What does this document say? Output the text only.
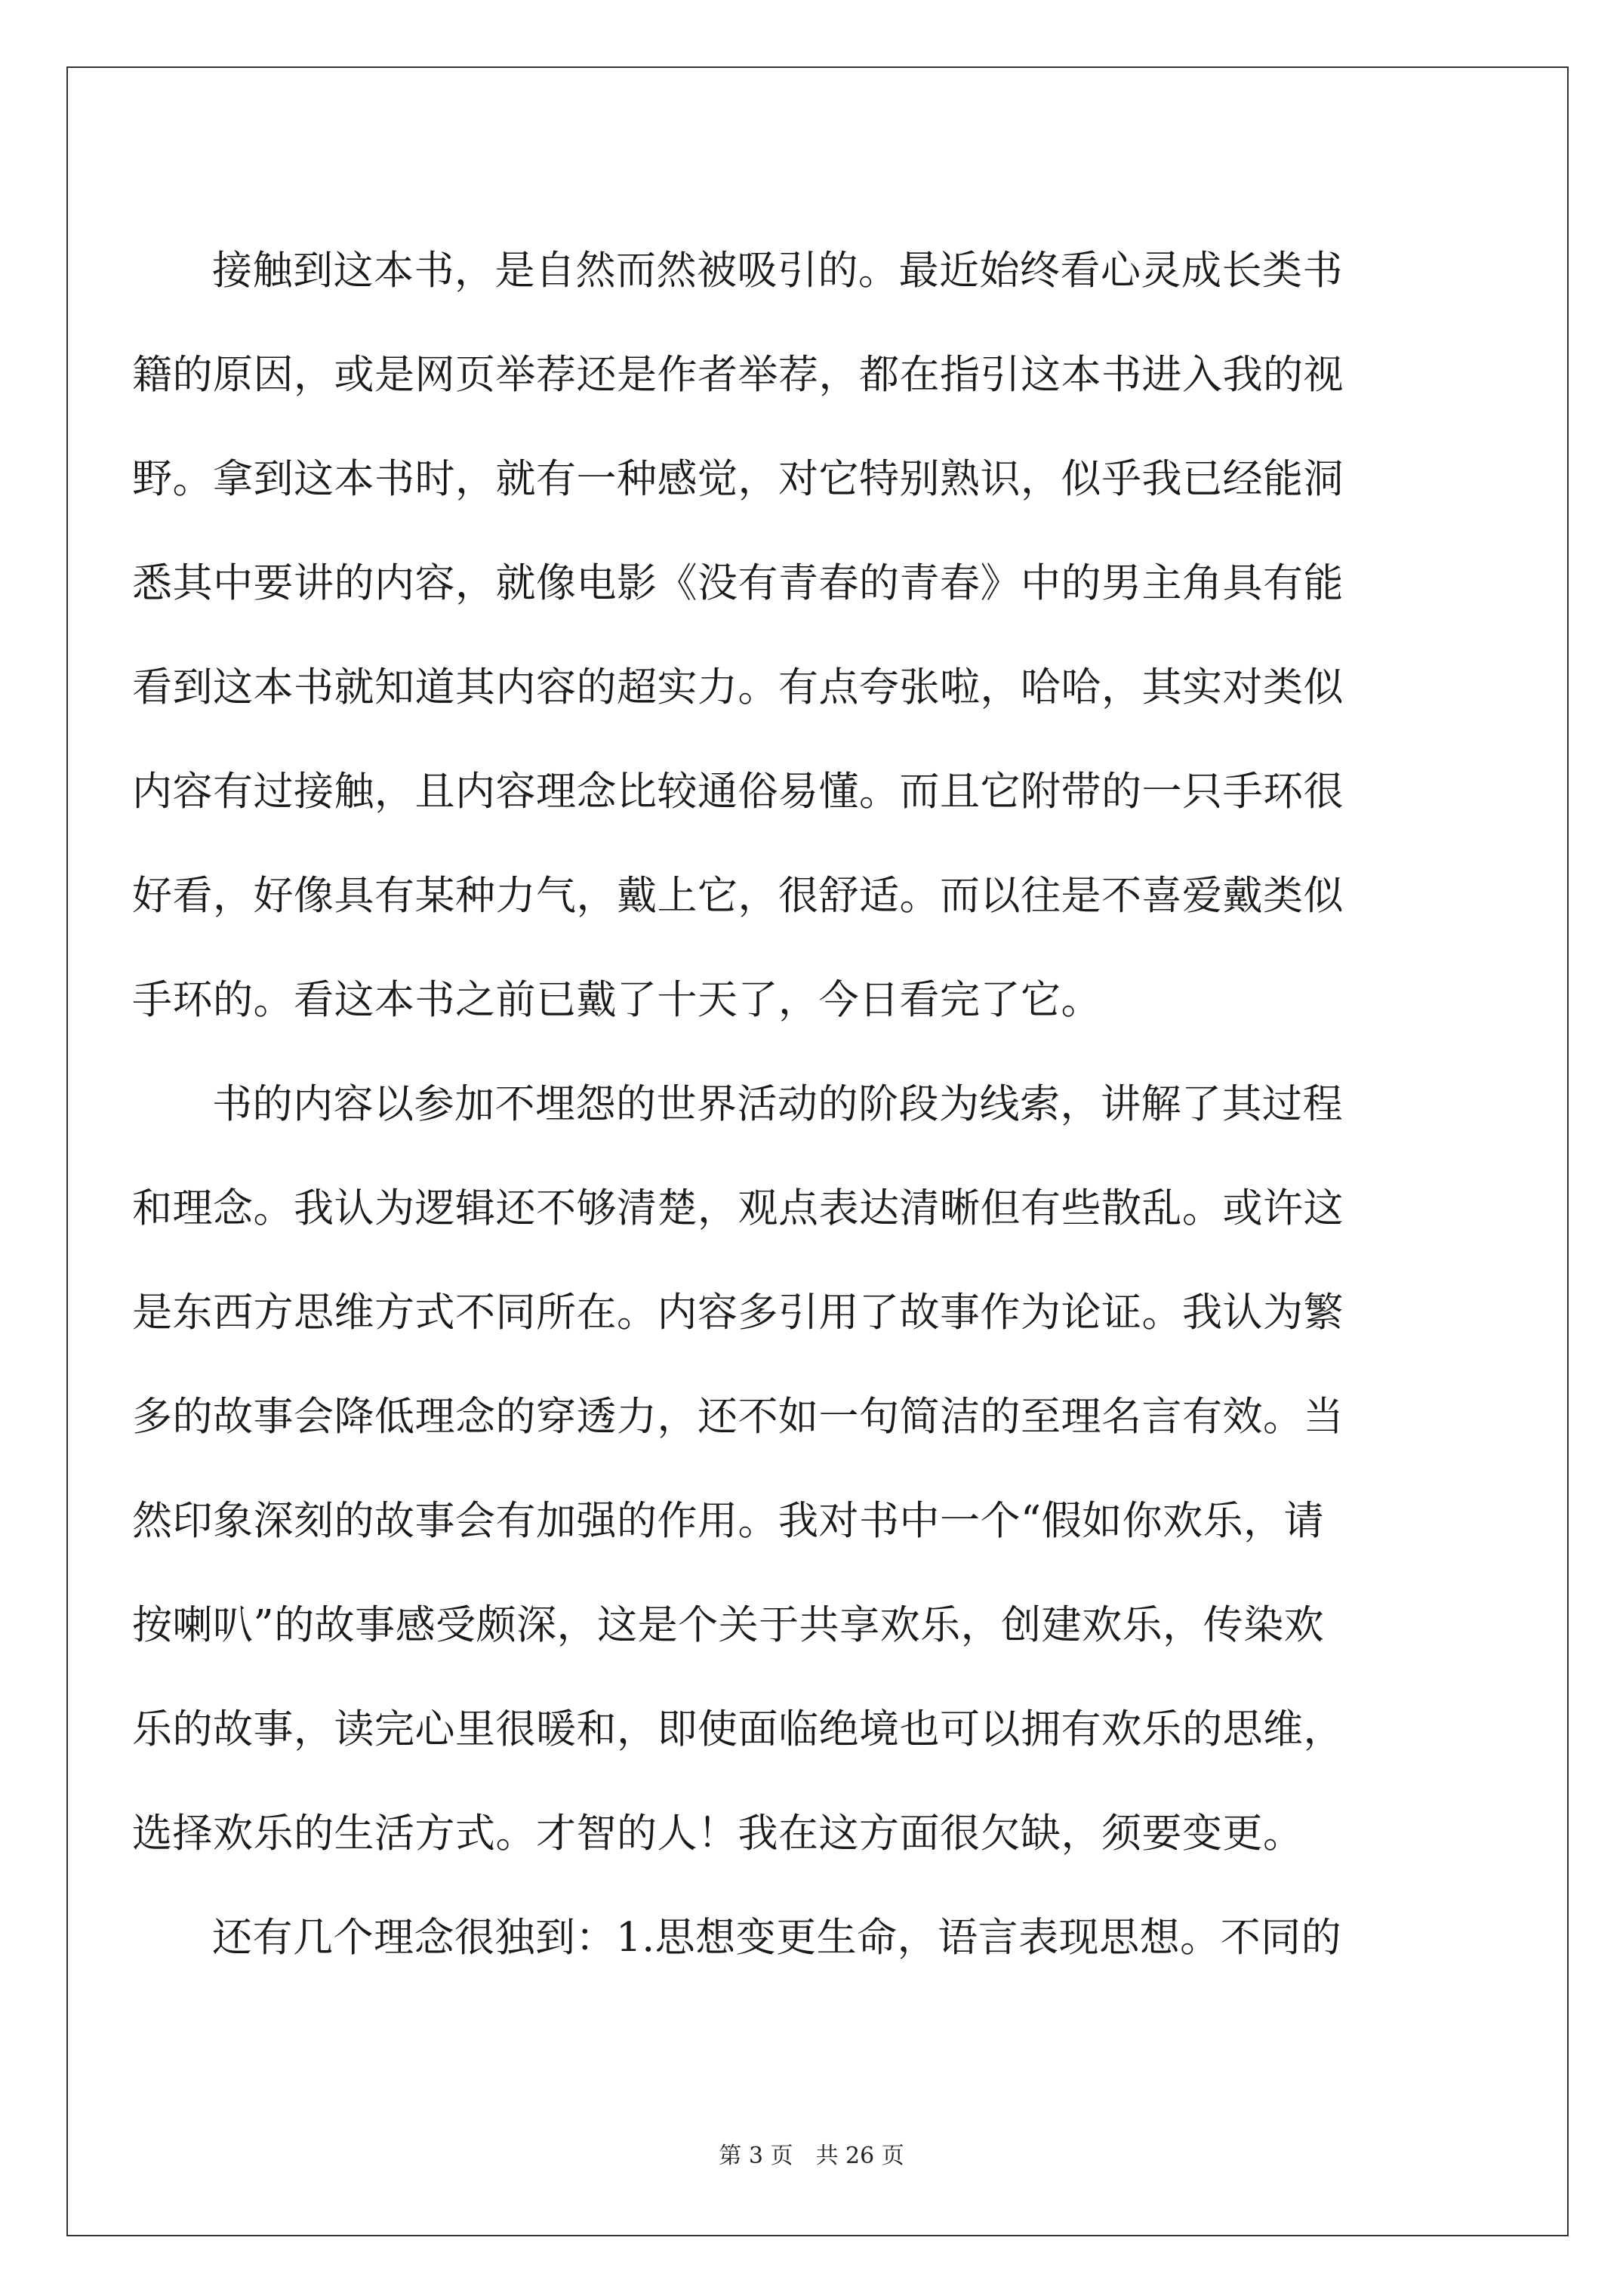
接触到这本书，是自然而然被吸引的。最近始终看心灵成长类书
籍的原因，或是网页举荐还是作者举荐，都在指引这本书进入我的视
野。拿到这本书时，就有一种感觉，对它特别熟识，似乎我已经能洞
悉其中要讲的内容，就像电影《没有青春的青春》中的男主角具有能
看到这本书就知道其内容的超实力。有点夸张啦，哈哈，其实对类似
内容有过接触，且内容理念比较通俗易懂。而且它附带的一只手环很
好看，好像具有某种力气，戴上它，很舒适。而以往是不喜爱戴类似
手环的。看这本书之前已戴了十天了，今日看完了它。
书的内容以参加不埋怨的世界活动的阶段为线索，讲解了其过程
和理念。我认为逻辑还不够清楚，观点表达清晰但有些散乱。或许这
是东西方思维方式不同所在。内容多引用了故事作为论证。我认为繁
多的故事会降低理念的穿透力，还不如一句简洁的至理名言有效。当
然印象深刻的故事会有加强的作用。我对书中一个“假如你欢乐，请
按喇叭”的故事感受颇深，这是个关于共享欢乐，创建欢乐，传染欢
乐的故事，读完心里很暖和，即使面临绝境也可以拥有欢乐的思维，
选择欢乐的生活方式。才智的人！我在这方面很欠缺，须要变更。
还有几个理念很独到：1.思想变更生命，语言表现思想。不同的
第 3 页　共 26 页
